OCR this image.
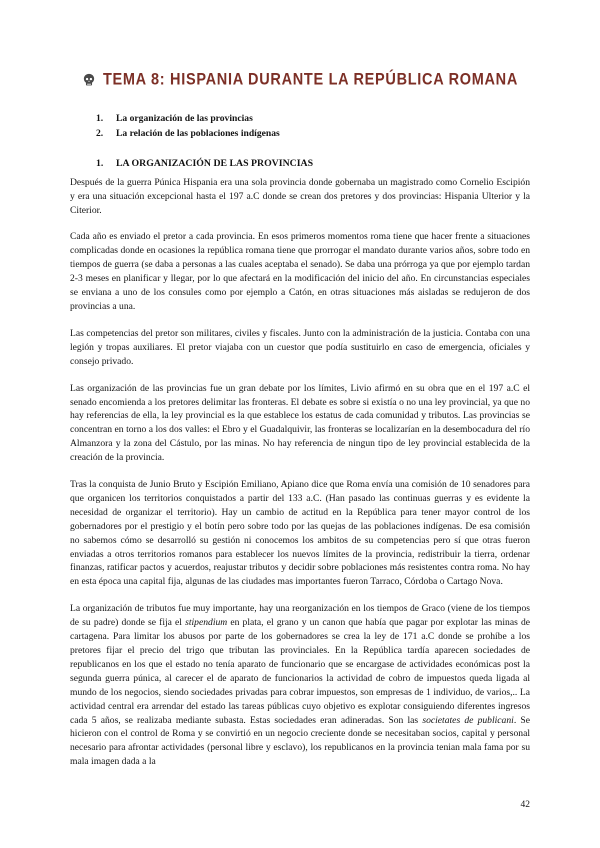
TEMA 8: HISPANIA DURANTE LA REPÚBLICA ROMANA
1.	La organización de las provincias
2.	La relación de las poblaciones indígenas
1.	LA ORGANIZACIÓN DE LAS PROVINCIAS

Después de la guerra Púnica Hispania era una sola provincia donde gobernaba un magistrado como Cornelio Escipión y era una situación excepcional hasta el 197 a.C donde se crean dos pretores y dos provincias: Hispania Ulterior y la Citerior.

Cada año es enviado el pretor a cada provincia. En esos primeros momentos roma tiene que hacer frente a situaciones complicadas donde en ocasiones la república romana tiene que prorrogar el mandato durante varios años, sobre todo en tiempos de guerra (se daba a personas a las cuales aceptaba el senado). Se daba una prórroga ya que por ejemplo tardan 2-3 meses en planificar y llegar, por lo que afectará en la modificación del inicio del año. En circunstancias especiales se enviana a uno de los consules como por ejemplo a Catón, en otras situaciones más aisladas se redujeron de dos provincias a una.

Las competencias del pretor son militares, civiles y fiscales. Junto con la administración de la justicia. Contaba con una legión y tropas auxiliares. El pretor viajaba con un cuestor que podía sustituirlo en caso de emergencia, oficiales y consejo privado.

Las organización de las provincias fue un gran debate por los límites, Livio afirmó en su obra que en el 197 a.C el senado encomienda a los pretores delimitar las fronteras. El debate es sobre si existía o no una ley provincial, ya que no hay referencias de ella, la ley provincial es la que establece los estatus de cada comunidad y tributos. Las provincias se concentran en torno a los dos valles: el Ebro y el Guadalquivir, las fronteras se localizarían en la desembocadura del río Almanzora y la zona del Cástulo, por las minas. No hay referencia de ningun tipo de ley provincial establecida de la creación de la provincia.

Tras la conquista de Junio Bruto y Escipión Emiliano, Apiano dice que Roma envía una comisión de 10 senadores para que organicen los territorios conquistados a partir del 133 a.C. (Han pasado las continuas guerras y es evidente la necesidad de organizar el territorio). Hay un cambio de actitud en la República para tener mayor control de los gobernadores por el prestigio y el botín pero sobre todo por las quejas de las poblaciones indígenas. De esa comisión no sabemos cómo se desarrolló su gestión ni conocemos los ambitos de su competencias pero sí que otras fueron enviadas a otros territorios romanos para establecer los nuevos límites de la provincia, redistribuir la tierra, ordenar finanzas, ratificar pactos y acuerdos, reajustar tributos y decidir sobre poblaciones más resistentes contra roma. No hay en esta época una capital fija, algunas de las ciudades mas importantes fueron Tarraco, Córdoba o Cartago Nova.

La organización de tributos fue muy importante, hay una reorganización en los tiempos de Graco (viene de los tiempos de su padre) donde se fija el stipendium en plata, el grano y un canon que había que pagar por explotar las minas de cartagena. Para limitar los abusos por parte de los gobernadores se crea la ley de 171 a.C donde se prohíbe a los pretores fijar el precio del trigo que tributan las provinciales. En la República tardía aparecen sociedades de republicanos en los que el estado no tenía aparato de funcionario que se encargase de actividades económicas post la segunda guerra púnica, al carecer el de aparato de funcionarios la actividad de cobro de impuestos queda ligada al mundo de los negocios, siendo sociedades privadas para cobrar impuestos, son empresas de 1 individuo, de varios,.. La actividad central era arrendar del estado las tareas públicas cuyo objetivo es explotar consiguiendo diferentes ingresos cada 5 años, se realizaba mediante subasta. Estas sociedades eran adineradas. Son las societates de publicani. Se hicieron con el control de Roma y se convirtió en un negocio creciente donde se necesitaban socios, capital y personal necesario para afrontar actividades (personal libre y esclavo), los republicanos en la provincia tenian mala fama por su mala imagen dada a la

42
